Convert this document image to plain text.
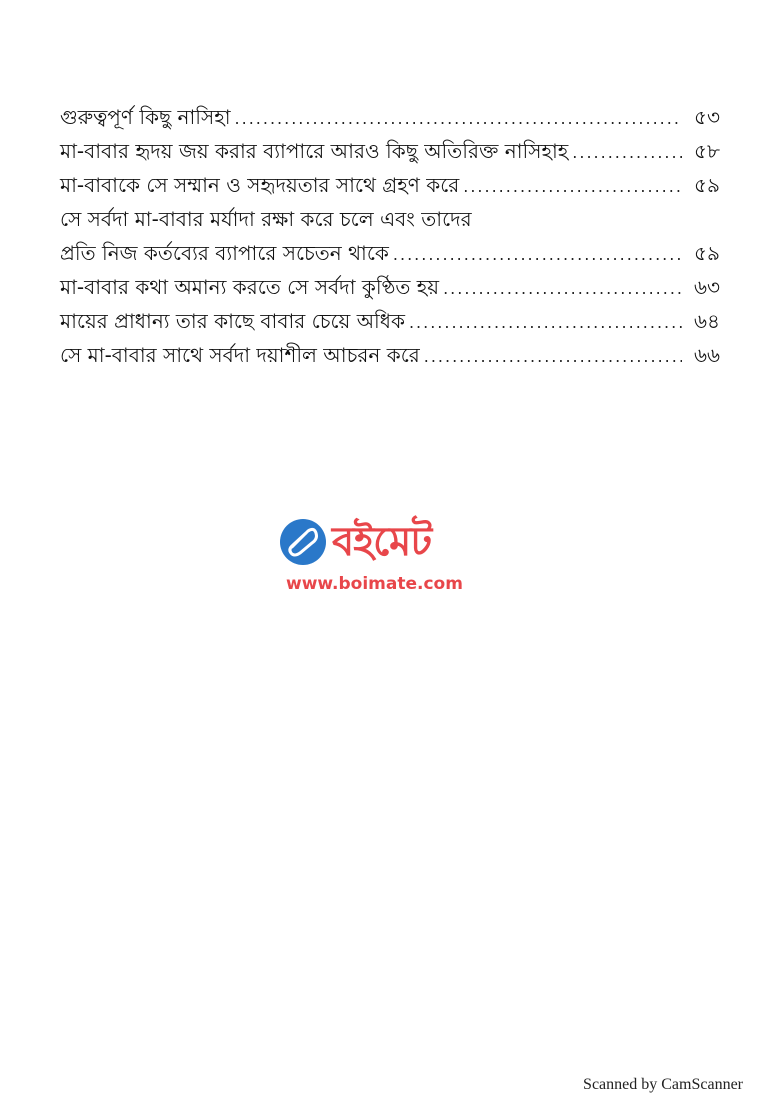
গুরুত্বপূর্ণ কিছু নাসিহা .....	৫৩
মা-বাবার হৃদয় জয় করার ব্যাপারে আরও কিছু অতিরিক্ত নাসিহাহ .....	৫৮
মা-বাবাকে সে সম্মান ও সহৃদয়তার সাথে গ্রহণ করে .....	৫৯
সে সর্বদা মা-বাবার মর্যাদা রক্ষা করে চলে এবং তাদের
প্রতি নিজ কর্তব্যের ব্যাপারে সচেতন থাকে .....	৫৯
মা-বাবার কথা অমান্য করতে সে সর্বদা কুণ্ঠিত হয় .....	৬৩
মায়ের প্রাধান্য তার কাছে বাবার চেয়ে অধিক .....	৬৪
সে মা-বাবার সাথে সর্বদা দয়াশীল আচরন করে .....	৬৬
বইমেট
www.boimate.com
Scanned by CamScanner
